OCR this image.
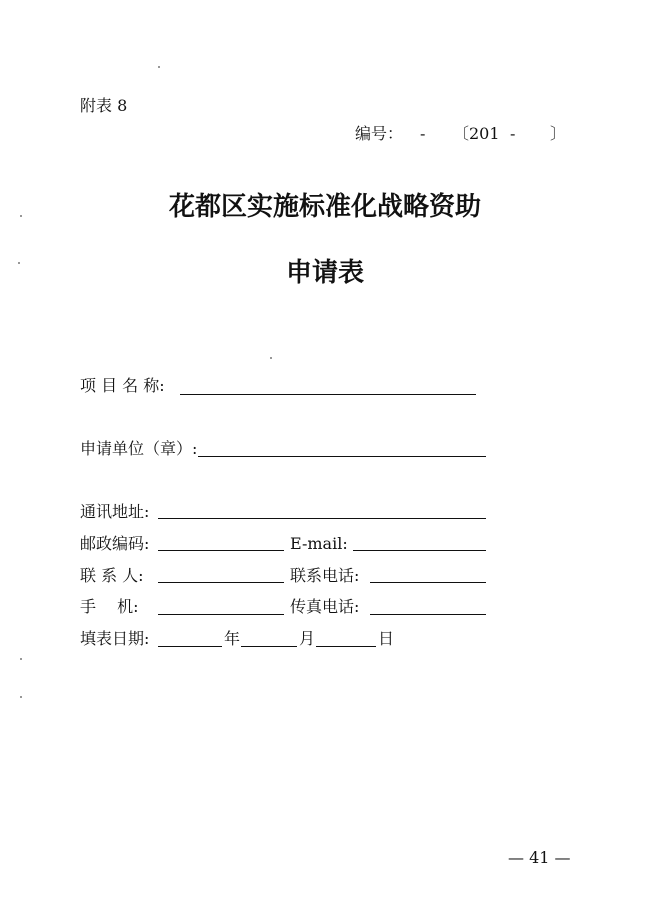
附表 8
编号： - 〔201 - 〕
花都区实施标准化战略资助
申请表
项 目 名 称:
申请单位（章）:
通讯地址:
邮政编码:	E-mail:
联 系 人:	联系电话:
手　 机:	传真电话:
填表日期:	年	月	日
— 41 —
